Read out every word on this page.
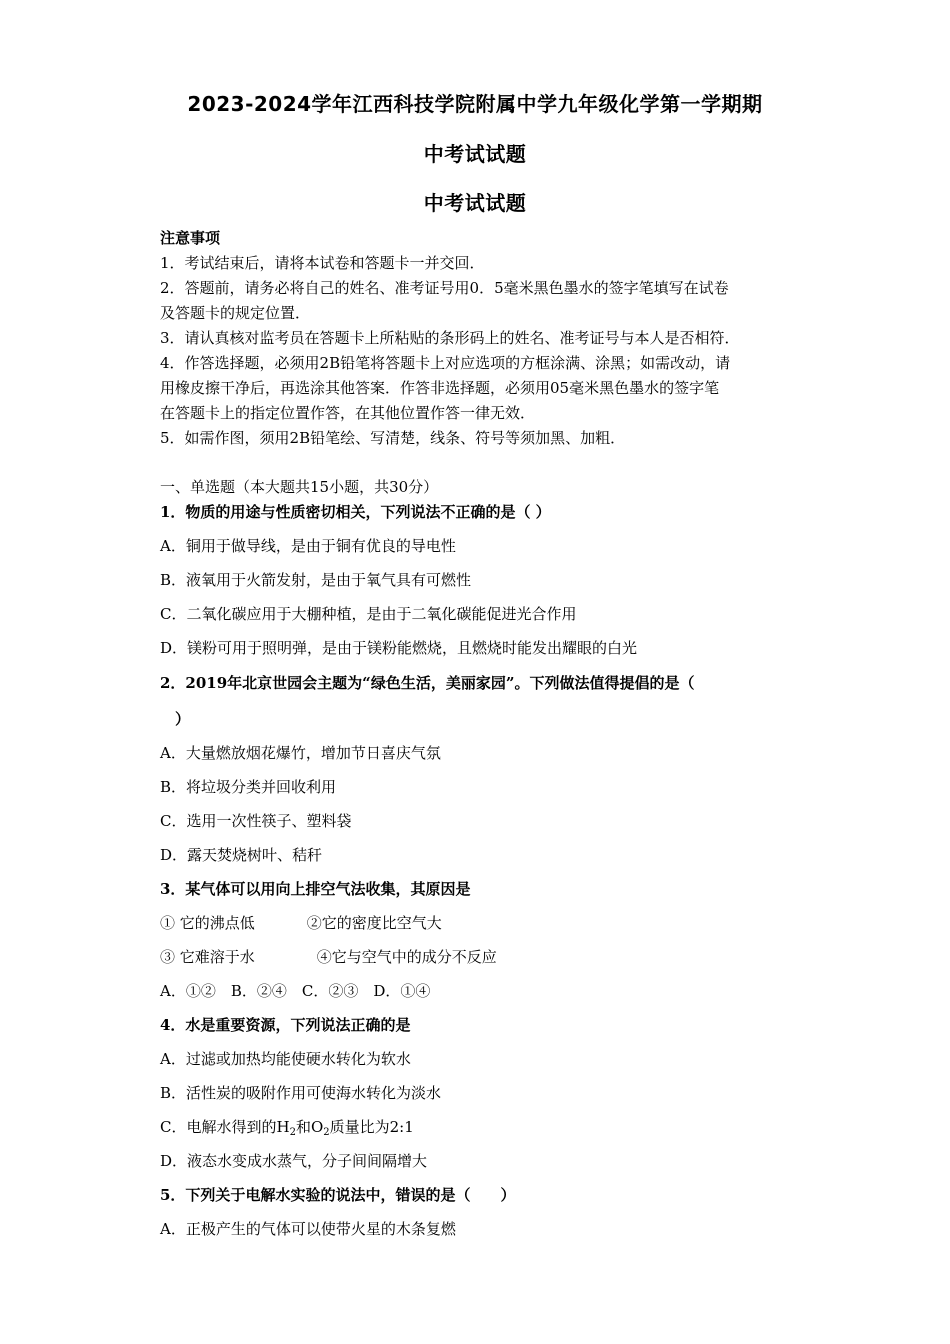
2023-2024学年江西科技学院附属中学九年级化学第一学期期
中考试试题
中考试试题
注意事项
1．考试结束后，请将本试卷和答题卡一并交回．
2．答题前，请务必将自己的姓名、准考证号用0．5毫米黑色墨水的签字笔填写在试卷
及答题卡的规定位置．
3．请认真核对监考员在答题卡上所粘贴的条形码上的姓名、准考证号与本人是否相符．
4．作答选择题，必须用2B铅笔将答题卡上对应选项的方框涂满、涂黑；如需改动，请
用橡皮擦干净后，再选涂其他答案．作答非选择题，必须用05毫米黑色墨水的签字笔
在答题卡上的指定位置作答，在其他位置作答一律无效．
5．如需作图，须用2B铅笔绘、写清楚，线条、符号等须加黑、加粗．
一、单选题（本大题共15小题，共30分）
1．物质的用途与性质密切相关，下列说法不正确的是（ ）
A．铜用于做导线，是由于铜有优良的导电性
B．液氧用于火箭发射，是由于氧气具有可燃性
C．二氧化碳应用于大棚种植，是由于二氧化碳能促进光合作用
D．镁粉可用于照明弹，是由于镁粉能燃烧，且燃烧时能发出耀眼的白光
2．2019年北京世园会主题为“绿色生活，美丽家园”。下列做法值得提倡的是（
）
A．大量燃放烟花爆竹，增加节日喜庆气氛
B．将垃圾分类并回收利用
C．选用一次性筷子、塑料袋
D．露天焚烧树叶、秸秆
3．某气体可以用向上排空气法收集，其原因是
① 它的沸点低	②它的密度比空气大
③ 它难溶于水	④它与空气中的成分不反应
A．①②　B．②④　C．②③　D．①④
4．水是重要资源，下列说法正确的是
A．过滤或加热均能使硬水转化为软水
B．活性炭的吸附作用可使海水转化为淡水
C．电解水得到的$H_2$和$O_2$质量比为2:1
D．液态水变成水蒸气，分子间间隔增大
5．下列关于电解水实验的说法中，错误的是（　　）
A．正极产生的气体可以使带火星的木条复燃
